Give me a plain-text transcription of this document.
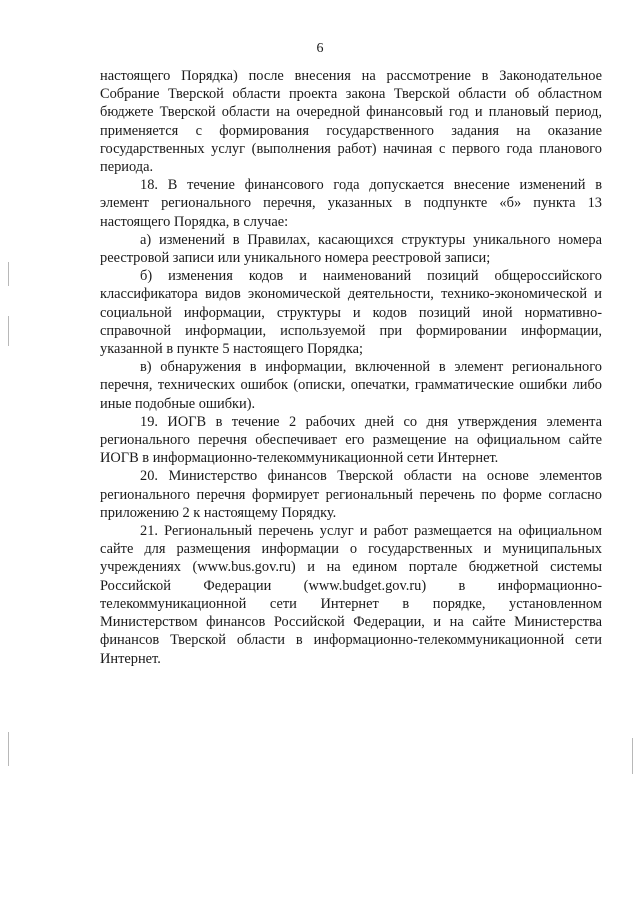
6

настоящего Порядка) после внесения на рассмотрение в Законодательное Собрание Тверской области проекта закона Тверской области об областном бюджете Тверской области на очередной финансовый год и плановый период, применяется с формирования государственного задания на оказание государственных услуг (выполнения работ) начиная с первого года планового периода.

18. В течение финансового года допускается внесение изменений в элемент регионального перечня, указанных в подпункте «б» пункта 13 настоящего Порядка, в случае:

а) изменений в Правилах, касающихся структуры уникального номера реестровой записи или уникального номера реестровой записи;

б) изменения кодов и наименований позиций общероссийского классификатора видов экономической деятельности, технико-экономической и социальной информации, структуры и кодов позиций иной нормативно-справочной информации, используемой при формировании информации, указанной в пункте 5 настоящего Порядка;

в) обнаружения в информации, включенной в элемент регионального перечня, технических ошибок (описки, опечатки, грамматические ошибки либо иные подобные ошибки).

19. ИОГВ в течение 2 рабочих дней со дня утверждения элемента регионального перечня обеспечивает его размещение на официальном сайте ИОГВ в информационно-телекоммуникационной сети Интернет.

20. Министерство финансов Тверской области на основе элементов регионального перечня формирует региональный перечень по форме согласно приложению 2 к настоящему Порядку.

21. Региональный перечень услуг и работ размещается на официальном сайте для размещения информации о государственных и муниципальных учреждениях (www.bus.gov.ru) и на едином портале бюджетной системы Российской Федерации (www.budget.gov.ru) в информационно-телекоммуникационной сети Интернет в порядке, установленном Министерством финансов Российской Федерации, и на сайте Министерства финансов Тверской области в информационно-телекоммуникационной сети Интернет.
